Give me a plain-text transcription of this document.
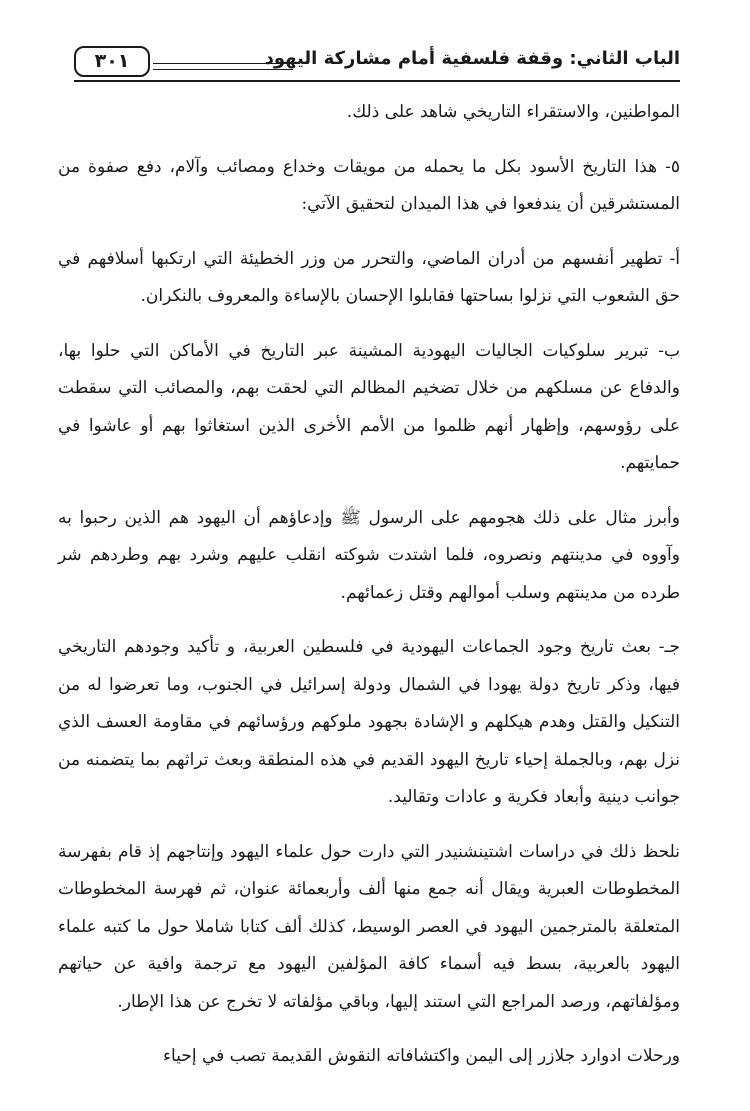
الباب الثاني: وقفة فلسفية أمام مشاركة اليهود
٣٠١

المواطنين، والاستقراء التاريخي شاهد على ذلك.

٥- هذا التاريخ الأسود بكل ما يحمله من مويقات وخداع ومصائب وآلام، دفع صفوة من المستشرقين أن يندفعوا في هذا الميدان لتحقيق الآتي:

أ- تطهير أنفسهم من أدران الماضي، والتحرر من وزر الخطيئة التي ارتكبها أسلافهم في حق الشعوب التي نزلوا بساحتها فقابلوا الإحسان بالإساءة والمعروف بالنكران.

ب- تبرير سلوكيات الجاليات اليهودية المشينة عبر التاريخ في الأماكن التي حلوا بها، والدفاع عن مسلكهم من خلال تضخيم المظالم التي لحقت بهم، والمصائب التي سقطت على رؤوسهم، وإظهار أنهم ظلموا من الأمم الأخرى الذين استغاثوا بهم أو عاشوا في حمايتهم.

وأبرز مثال على ذلك هجومهم على الرسول ﷺ وإدعاؤهم أن اليهود هم الذين رحبوا به وآووه في مدينتهم ونصروه، فلما اشتدت شوكته انقلب عليهم وشرد بهم وطردهم شر طرده من مدينتهم وسلب أموالهم وقتل زعمائهم.

جـ- بعث تاريخ وجود الجماعات اليهودية في فلسطين العربية، و تأكيد وجودهم التاريخي فيها، وذكر تاريخ دولة يهودا في الشمال ودولة إسرائيل في الجنوب، وما تعرضوا له من التنكيل والقتل وهدم هيكلهم و الإشادة بجهود ملوكهم ورؤسائهم في مقاومة العسف الذي نزل بهم، وبالجملة إحياء تاريخ اليهود القديم في هذه المنطقة وبعث تراثهم بما يتضمنه من جوانب دينية وأبعاد فكرية و عادات وتقاليد.

نلحظ ذلك في دراسات اشتينشنيدر التي دارت حول علماء اليهود وإنتاجهم إذ قام بفهرسة المخطوطات العبرية ويقال أنه جمع منها ألف وأربعمائة عنوان، ثم فهرسة المخطوطات المتعلقة بالمترجمين اليهود في العصر الوسيط، كذلك ألف كتابا شاملا حول ما كتبه علماء اليهود بالعربية، بسط فيه أسماء كافة المؤلفين اليهود مع ترجمة وافية عن حياتهم ومؤلفاتهم، ورصد المراجع التي استند إليها، وباقي مؤلفاته لا تخرج عن هذا الإطار.

ورحلات ادوارد جلازر إلى اليمن واكتشافاته النقوش القديمة تصب في إحياء
